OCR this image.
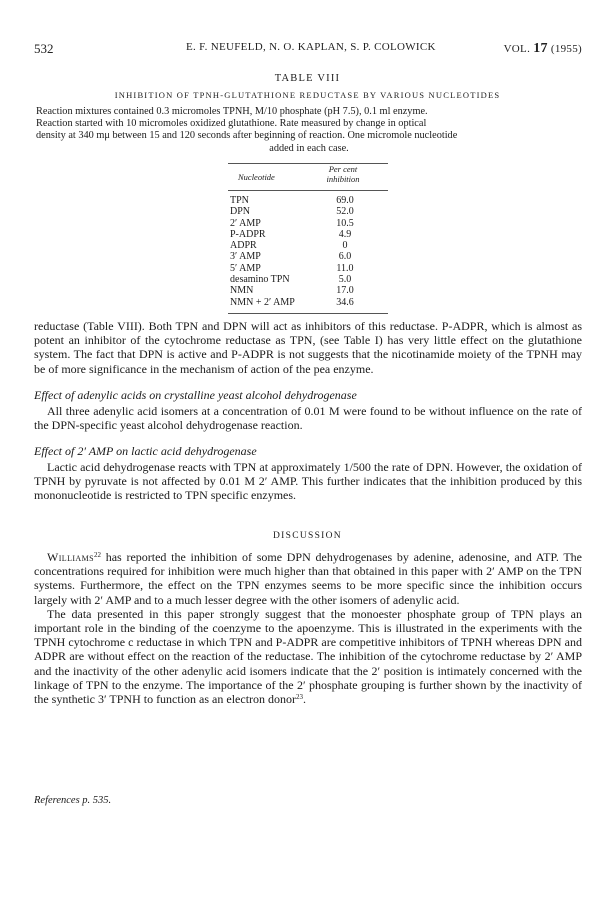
532	E. F. NEUFELD, N. O. KAPLAN, S. P. COLOWICK	VOL. 17 (1955)
TABLE VIII
INHIBITION OF TPNH-GLUTATHIONE REDUCTASE BY VARIOUS NUCLEOTIDES
Reaction mixtures contained 0.3 micromoles TPNH, M/10 phosphate (pH 7.5), 0.1 ml enzyme.
Reaction started with 10 micromoles oxidized glutathione. Rate measured by change in optical
density at 340 mμ between 15 and 120 seconds after beginning of reaction. One micromole nucleotide

added in each case.
Nucleotide
Per cent
inhibition
TPN	69.0
DPN	52.0
2′ AMP	10.5
P-ADPR	4.9
ADPR	0
3′ AMP	6.0
5′ AMP	11.0
desamino TPN	5.0
NMN	17.0
NMN + 2′ AMP	34.6

reductase (Table VIII). Both TPN and DPN will act as inhibitors of this reductase. P-ADPR, which is almost as potent an inhibitor of the cytochrome reductase as TPN, (see Table I) has very little effect on the glutathione system. The fact that DPN is active and P-ADPR is not suggests that the nicotinamide moiety of the TPNH may be of more significance in the mechanism of action of the pea enzyme.

Effect of adenylic acids on crystalline yeast alcohol dehydrogenase

All three adenylic acid isomers at a concentration of 0.01 M were found to be without influence on the rate of the DPN-specific yeast alcohol dehydrogenase reaction.

Effect of 2′ AMP on lactic acid dehydrogenase

Lactic acid dehydrogenase reacts with TPN at approximately 1/500 the rate of DPN. However, the oxidation of TPNH by pyruvate is not affected by 0.01 M 2′ AMP. This further indicates that the inhibition produced by this mononucleotide is restricted to TPN specific enzymes.

DISCUSSION

Williams$^{22}$ has reported the inhibition of some DPN dehydrogenases by adenine, adenosine, and ATP. The concentrations required for inhibition were much higher than that obtained in this paper with 2′ AMP on the TPN systems. Furthermore, the effect on the TPN enzymes seems to be more specific since the inhibition occurs largely with 2′ AMP and to a much lesser degree with the other isomers of adenylic acid.

The data presented in this paper strongly suggest that the monoester phosphate group of TPN plays an important role in the binding of the coenzyme to the apoenzyme. This is illustrated in the experiments with the TPNH cytochrome c reductase in which TPN and P-ADPR are competitive inhibitors of TPNH whereas DPN and ADPR are without effect on the reaction of the reductase. The inhibition of the cytochrome reductase by 2′ AMP and the inactivity of the other adenylic acid isomers indicate that the 2′ position is intimately concerned with the linkage of TPN to the enzyme. The importance of the 2′ phosphate grouping is further shown by the inactivity of the synthetic 3′ TPNH to function as an electron donor$^{23}$.

References p. 535.
